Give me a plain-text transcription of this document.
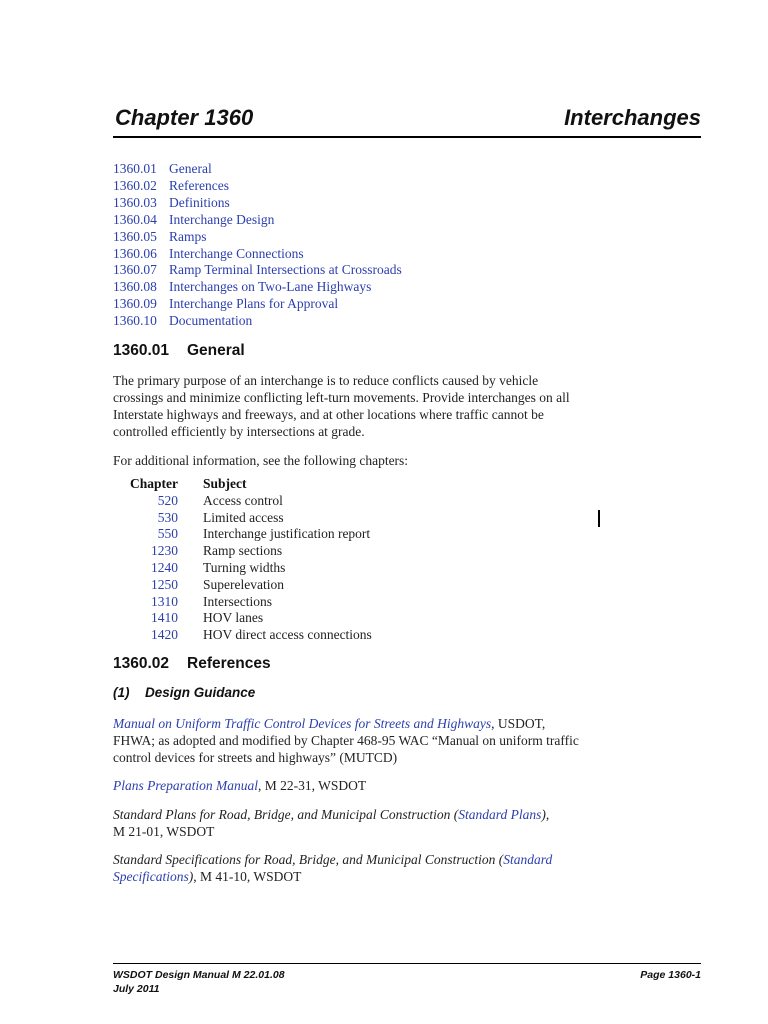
Chapter 1360	Interchanges
1360.01 General
1360.02 References
1360.03 Definitions
1360.04 Interchange Design
1360.05 Ramps
1360.06 Interchange Connections
1360.07 Ramp Terminal Intersections at Crossroads
1360.08 Interchanges on Two-Lane Highways
1360.09 Interchange Plans for Approval
1360.10 Documentation
1360.01 General

The primary purpose of an interchange is to reduce conflicts caused by vehicle crossings and minimize conflicting left-turn movements. Provide interchanges on all Interstate highways and freeways, and at other locations where traffic cannot be controlled efficiently by intersections at grade.

For additional information, see the following chapters:

Chapter	Subject
520	Access control
530	Limited access
550	Interchange justification report
1230	Ramp sections
1240	Turning widths
1250	Superelevation
1310	Intersections
1410	HOV lanes
1420	HOV direct access connections
1360.02 References
(1) Design Guidance

Manual on Uniform Traffic Control Devices for Streets and Highways, USDOT, FHWA; as adopted and modified by Chapter 468-95 WAC “Manual on uniform traffic control devices for streets and highways” (MUTCD)

Plans Preparation Manual, M 22-31, WSDOT

Standard Plans for Road, Bridge, and Municipal Construction (Standard Plans),
M 21-01, WSDOT

Standard Specifications for Road, Bridge, and Municipal Construction (Standard Specifications), M 41-10, WSDOT

WSDOT Design Manual M 22.01.08
July 2011
Page 1360-1
